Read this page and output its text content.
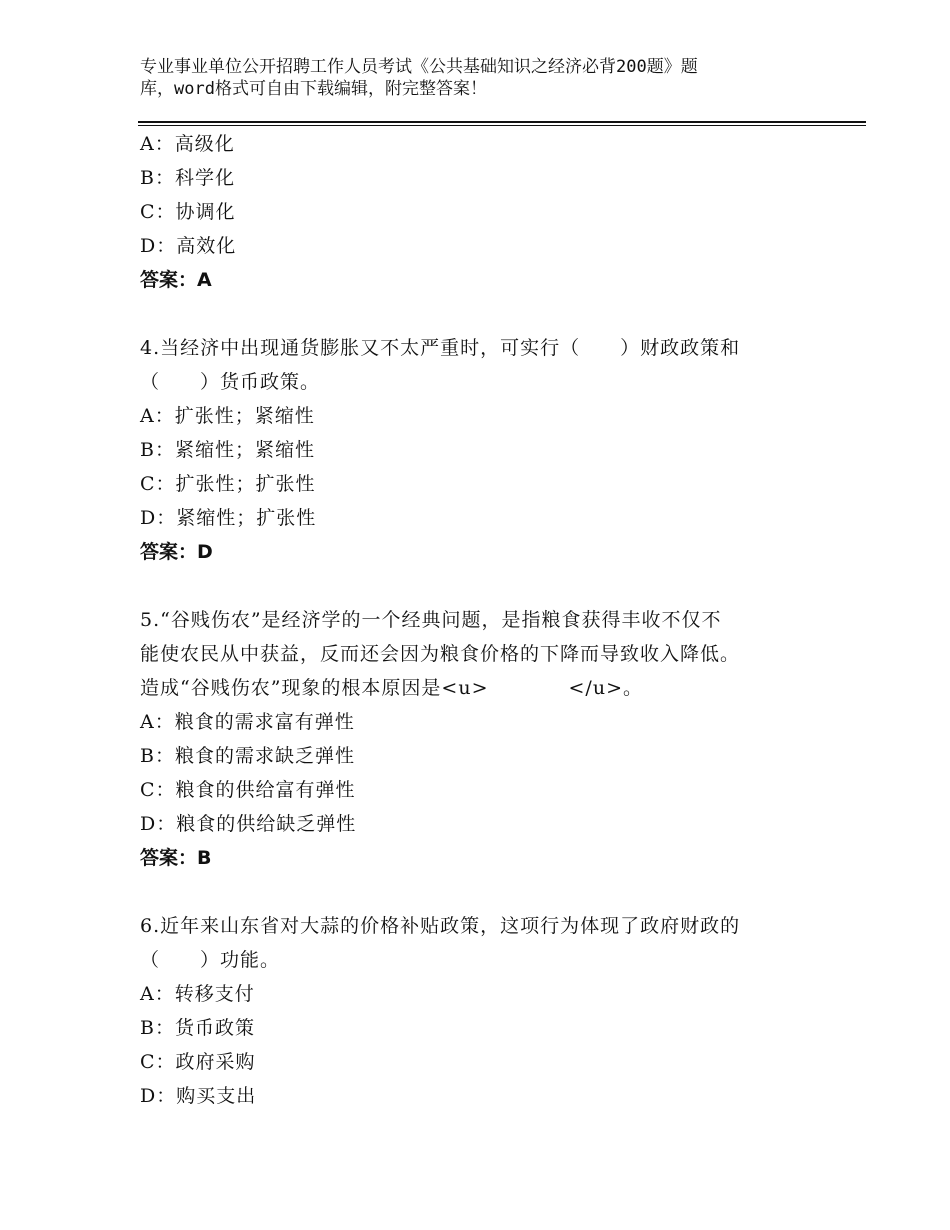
专业事业单位公开招聘工作人员考试《公共基础知识之经济必背200题》题
库，word格式可自由下载编辑，附完整答案！
A：高级化
B：科学化
C：协调化
D：高效化
答案：A
4.当经济中出现通货膨胀又不太严重时，可实行（　　）财政政策和
（　　）货币政策。
A：扩张性；紧缩性
B：紧缩性；紧缩性
C：扩张性；扩张性
D：紧缩性；扩张性
答案：D
5.“谷贱伤农”是经济学的一个经典问题，是指粮食获得丰收不仅不
能使农民从中获益，反而还会因为粮食价格的下降而导致收入降低。
造成“谷贱伤农”现象的根本原因是<u>　　　　</u>。
A：粮食的需求富有弹性
B：粮食的需求缺乏弹性
C：粮食的供给富有弹性
D：粮食的供给缺乏弹性
答案：B
6.近年来山东省对大蒜的价格补贴政策，这项行为体现了政府财政的
（　　）功能。
A：转移支付
B：货币政策
C：政府采购
D：购买支出
